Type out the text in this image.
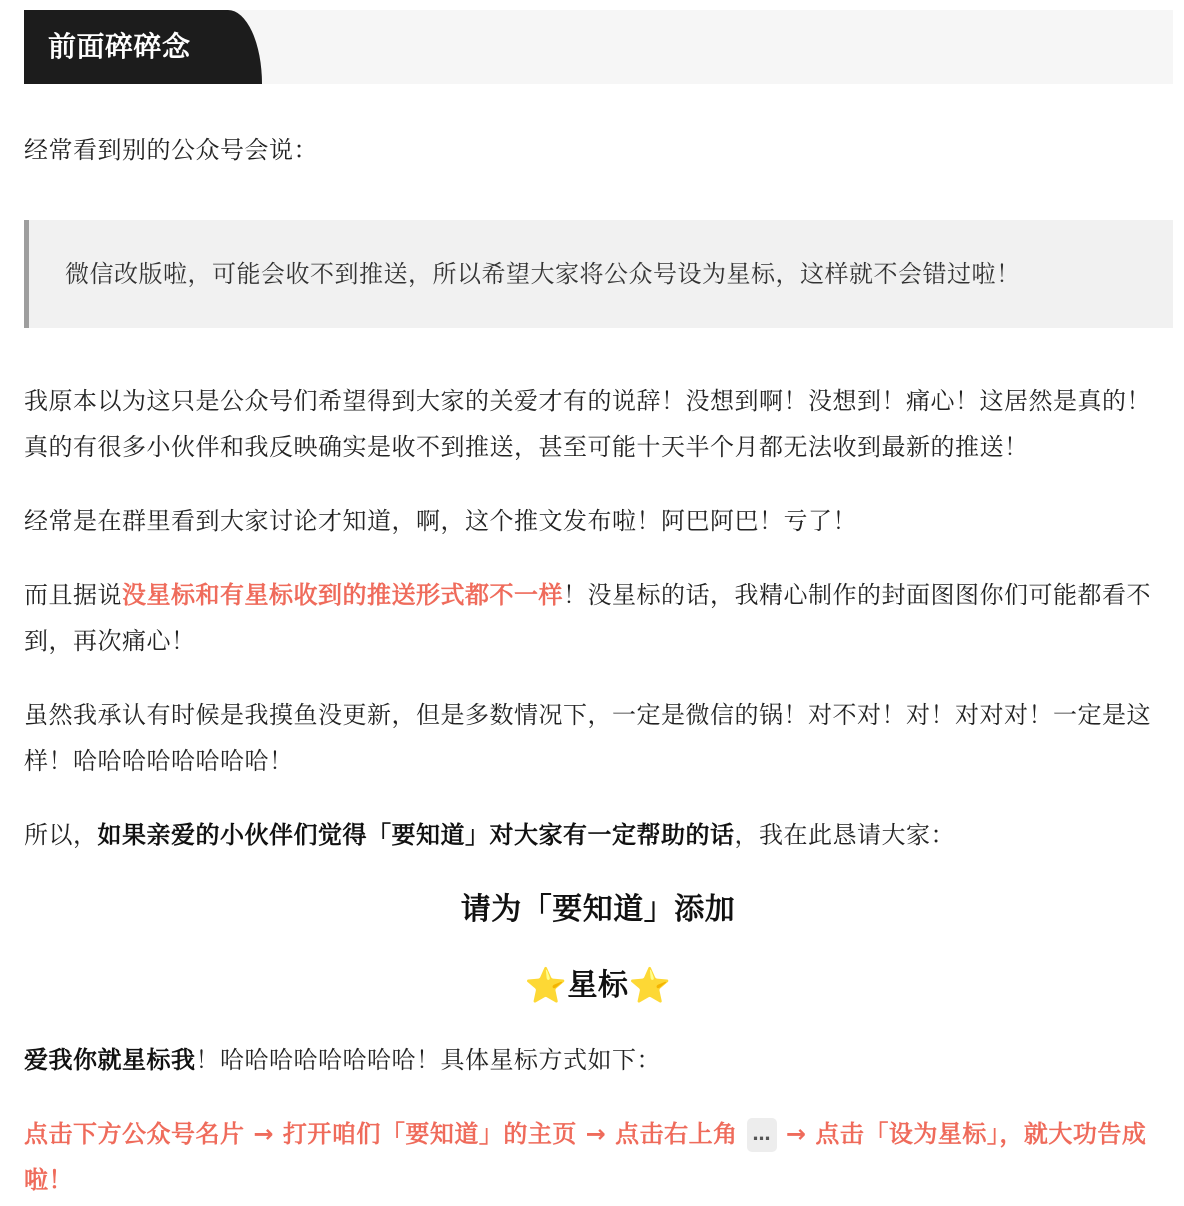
前面碎碎念

经常看到别的公众号会说：

微信改版啦，可能会收不到推送，所以希望大家将公众号设为星标，这样就不会错过啦！

我原本以为这只是公众号们希望得到大家的关爱才有的说辞！没想到啊！没想到！痛心！这居然是真的！真的有很多小伙伴和我反映确实是收不到推送，甚至可能十天半个月都无法收到最新的推送！

经常是在群里看到大家讨论才知道，啊，这个推文发布啦！阿巴阿巴！亏了！

而且据说没星标和有星标收到的推送形式都不一样！没星标的话，我精心制作的封面图图你们可能都看不到，再次痛心！

虽然我承认有时候是我摸鱼没更新，但是多数情况下，一定是微信的锅！对不对！对！对对对！一定是这样！哈哈哈哈哈哈哈哈！

所以，如果亲爱的小伙伴们觉得「要知道」对大家有一定帮助的话，我在此恳请大家：

请为「要知道」添加
⭐星标⭐

爱我你就星标我！哈哈哈哈哈哈哈哈！具体星标方式如下：

点击下方公众号名片 → 打开咱们「要知道」的主页 → 点击右上角 … → 点击「设为星标」，就大功告成啦！
